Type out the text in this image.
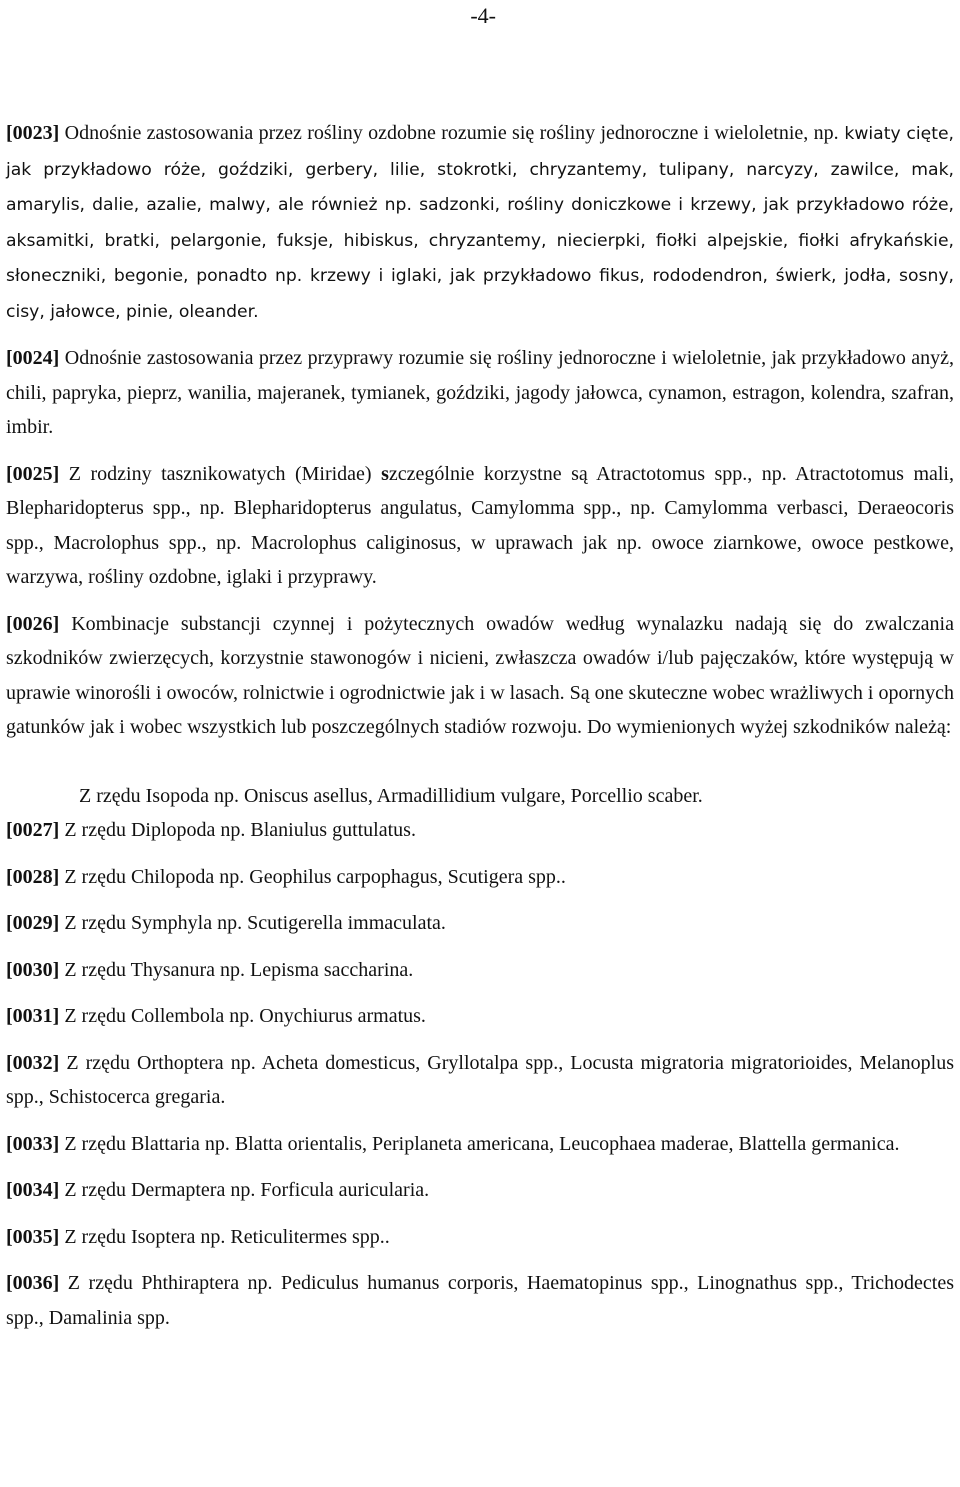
-4-

[0023] Odnośnie zastosowania przez rośliny ozdobne rozumie się rośliny jednoroczne i wieloletnie, np. kwiaty cięte, jak przykładowo róże, goździki, gerbery, lilie, stokrotki, chryzantemy, tulipany, narcyzy, zawilce, mak, amarylis, dalie, azalie, malwy, ale również np. sadzonki, rośliny doniczkowe i krzewy, jak przykładowo róże, aksamitki, bratki, pelargonie, fuksje, hibiskus, chryzantemy, niecierpki, fiołki alpejskie, fiołki afrykańskie, słoneczniki, begonie, ponadto np. krzewy i iglaki, jak przykładowo fikus, rododendron, świerk, jodła, sosny, cisy, jałowce, pinie, oleander.

[0024] Odnośnie zastosowania przez przyprawy rozumie się rośliny jednoroczne i wieloletnie, jak przykładowo anyż, chili, papryka, pieprz, wanilia, majeranek, tymianek, goździki, jagody jałowca, cynamon, estragon, kolendra, szafran, imbir.

[0025] Z rodziny tasznikowatych (Miridae) szczególnie korzystne są Atractotomus spp., np. Atractotomus mali, Blepharidopterus spp., np. Blepharidopterus angulatus, Camylomma spp., np. Camylomma verbasci, Deraeocoris spp., Macrolophus spp., np. Macrolophus caliginosus, w uprawach jak np. owoce ziarnkowe, owoce pestkowe, warzywa, rośliny ozdobne, iglaki i przyprawy.

[0026] Kombinacje substancji czynnej i pożytecznych owadów według wynalazku nadają się do zwalczania szkodników zwierzęcych, korzystnie stawonogów i nicieni, zwłaszcza owadów i/lub pajęczaków, które występują w uprawie winorośli i owoców, rolnictwie i ogrodnictwie jak i w lasach. Są one skuteczne wobec wrażliwych i opornych gatunków jak i wobec wszystkich lub poszczególnych stadiów rozwoju. Do wymienionych wyżej szkodników należą:

Z rzędu Isopoda np. Oniscus asellus, Armadillidium vulgare, Porcellio scaber.

[0027] Z rzędu Diplopoda np. Blaniulus guttulatus.

[0028] Z rzędu Chilopoda np. Geophilus carpophagus, Scutigera spp..

[0029] Z rzędu Symphyla np. Scutigerella immaculata.

[0030] Z rzędu Thysanura np. Lepisma saccharina.

[0031] Z rzędu Collembola np. Onychiurus armatus.

[0032] Z rzędu Orthoptera np. Acheta domesticus, Gryllotalpa spp., Locusta migratoria migratorioides, Melanoplus spp., Schistocerca gregaria.

[0033] Z rzędu Blattaria np. Blatta orientalis, Periplaneta americana, Leucophaea maderae, Blattella germanica.

[0034] Z rzędu Dermaptera np. Forficula auricularia.

[0035] Z rzędu Isoptera np. Reticulitermes spp..

[0036] Z rzędu Phthiraptera np. Pediculus humanus corporis, Haematopinus spp., Linognathus spp., Trichodectes spp., Damalinia spp.
